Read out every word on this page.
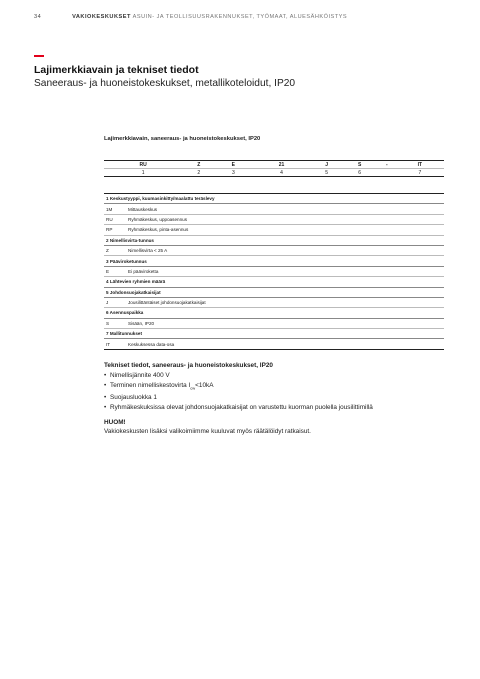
34	VAKIOKESKUKSET ASUIN- JA TEOLLISUUSRAKENNUKSET, TYÖMAAT, ALUESÄHKÖISTYS
Lajimerkkiavain ja tekniset tiedot
Saneeraus- ja huoneistokeskukset, metallikoteloidut, IP20
Lajimerkkiavain, saneeraus- ja huoneistokeskukset, IP20
RU	Z	E	21	J	S	-	IT
1	2	3	4	5	6		7
1 Keskustyyppi, kuumasinkitty/maalattu teräslevy	
1M	Mittauskeskus
RU	Ryhmäkeskus, uppoasennus
RP	Ryhmäkeskus, pinta-asennus
2 Nimellisvirta-tunnus	
Z	Nimellisvirta < 25 A
3 Pääviroketunnus	
E	Ei pääviroketta
4 Lähtevien ryhmien määrä	
5 Johdonsuojakatkaisijat	
J	Jousilittäntäiset johdonsuojakatkaisijat
6 Asennuspaikka	
S	Sisään, IP20
7 Mallitunnukset	
IT	Keskuksessa data-osa
Tekniset tiedot, saneeraus- ja huoneistokeskukset, IP20
• Nimellisjännite 400 V
• Terminen nimelliskestovirta $I_{cw}<10kA$
• Suojausluokka 1
• Ryhmäkeskuksissa olevat johdonsuojakatkaisijat on varustettu kuorman puolella jousilittimillä
HUOM!

Vakiokeskusten lisäksi valikoimiimme kuuluvat myös räätälöidyt ratkaisut.
